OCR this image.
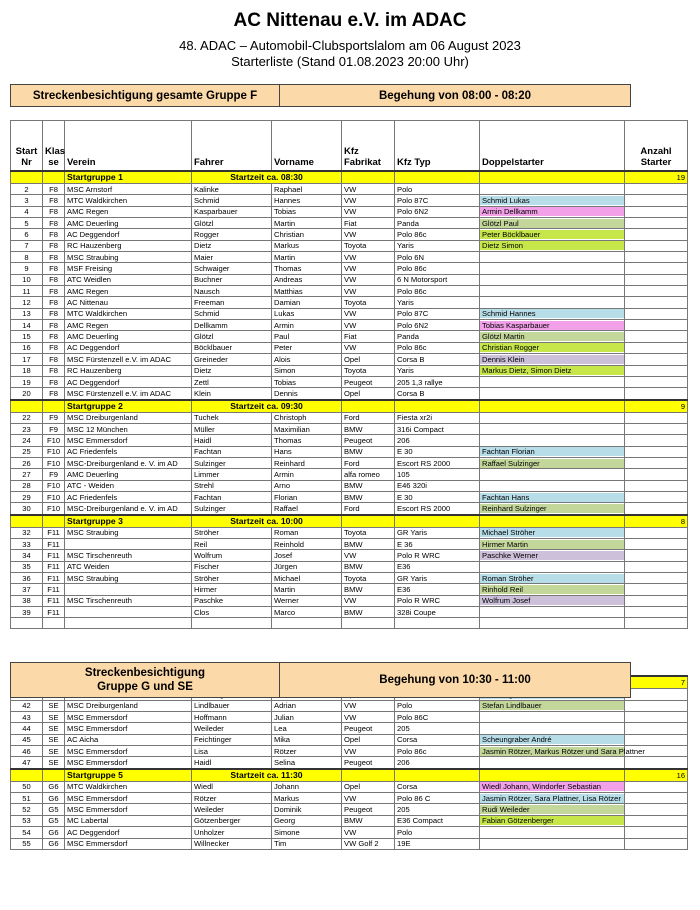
AC Nittenau e.V. im ADAC
48. ADAC – Automobil-Clubsportslalom am 06 August 2023
Starterliste (Stand 01.08.2023 20:00 Uhr)
Streckenbesichtigung gesamte Gruppe F	Begehung von 08:00 - 08:20
Start Nr	Klas se	Verein	Fahrer	Vorname	Kfz Fabrikat	Kfz Typ	Doppelstarter	Anzahl Starter
		Startgruppe 1	Startzeit ca. 08:30					19
2	F8	MSC Arnstorf	Kalinke	Raphael	VW	Polo		
3	F8	MTC Waldkirchen	Schmid	Hannes	VW	Polo 87C	Schmid Lukas	

4	F8	AMC Regen	Kasparbauer	Tobias	VW	Polo 6N2	Armin Dellkamm	

5	F8	AMC Deuerling	Glötzl	Martin	Fiat	Panda	Glötzl Paul	

6	F8	AC Deggendorf	Rogger	Christian	VW	Polo 86c	Peter Böcklbauer	

7	F8	RC Hauzenberg	Dietz	Markus	Toyota	Yaris	Dietz Simon	

8	F8	MSC Straubing	Maier	Martin	VW	Polo 6N		
9	F8	MSF Freising	Schwaiger	Thomas	VW	Polo 86c		
10	F8	ATC Weidlen	Buchner	Andreas	VW	6 N Motorsport		
11	F8	AMC Regen	Nausch	Matthias	VW	Polo 86c		
12	F8	AC Nittenau	Freeman	Damian	Toyota	Yaris		
13	F8	MTC Waldkirchen	Schmid	Lukas	VW	Polo 87C	Schmid Hannes	

14	F8	AMC Regen	Dellkamm	Armin	VW	Polo 6N2	Tobias Kasparbauer	

15	F8	AMC Deuerling	Glötzl	Paul	Fiat	Panda	Glötzl Martin	

16	F8	AC Deggendorf	Böcklbauer	Peter	VW	Polo 86c	Christian Rogger	

17	F8	MSC Fürstenzell e.V. im ADAC	Greineder	Alois	Opel	Corsa B	Dennis Klein	

18	F8	RC Hauzenberg	Dietz	Simon	Toyota	Yaris	Markus Dietz, Simon Dietz	

19	F8	AC Deggendorf	Zettl	Tobias	Peugeot	205 1,3 rallye		
20	F8	MSC Fürstenzell e.V. im ADAC	Klein	Dennis	Opel	Corsa B		
		Startgruppe 2	Startzeit ca. 09:30					9
22	F9	MSC Dreiburgenland	Tuchek	Christoph	Ford	Fiesta xr2i		
23	F9	MSC 12 München	Müller	Maximilian	BMW	316i Compact		
24	F10	MSC Emmersdorf	Haidl	Thomas	Peugeot	206		
25	F10	AC Friedenfels	Fachtan	Hans	BMW	E 30	Fachtan Florian	

26	F10	MSC-Dreiburgenland e. V. im AD	Sulzinger	Reinhard	Ford	Escort RS 2000	Raffael Sulzinger	

27	F9	AMC Deuerling	Limmer	Armin	alfa romeo	105		
28	F10	ATC - Weiden	Strehl	Arno	BMW	E46 320i		
29	F10	AC Friedenfels	Fachtan	Florian	BMW	E 30	Fachtan Hans	

30	F10	MSC-Dreiburgenland e. V. im AD	Sulzinger	Raffael	Ford	Escort RS 2000	Reinhard Sulzinger	

		Startgruppe 3	Startzeit ca. 10:00					8
32	F11	MSC Straubing	Ströher	Roman	Toyota	GR Yaris	Michael Ströher	

33	F11		Reil	Reinhold	BMW	E 36	Hirmer Martin	

34	F11	MSC Tirschenreuth	Wolfrum	Josef	VW	Polo R WRC	Paschke Werner	

35	F11	ATC Weiden	Fischer	Jürgen	BMW	E36		
36	F11	MSC Straubing	Ströher	Michael	Toyota	GR Yaris	Roman Ströher	

37	F11		Hirmer	Martin	BMW	E36	Rinhold Reil	

38	F11	MSC Tirschenreuth	Paschke	Werner	VW	Polo R WRC	Wolfrum Josef	

39	F11		Clos	Marco	BMW	328i Coupe		

							7

42	SE	MSC Dreiburgenland	Lindlbauer	Adrian	VW	Polo	Stefan Lindlbauer	

43	SE	MSC Emmersdorf	Hoffmann	Julian	VW	Polo 86C		
44	SE	MSC Emmersdorf	Weileder	Lea	Peugeot	205		
45	SE	AC Aicha	Feichtinger	Mika	Opel	Corsa	Scheungraber André	

46	SE	MSC Emmersdorf	Lisa	Rötzer	VW	Polo 86c	Jasmin Rötzer, Markus Rötzer und Sara Plattner	

47	SE	MSC Emmersdorf	Haidl	Selina	Peugeot	206		
		Startgruppe 5	Startzeit ca. 11:30					16
50	G6	MTC Waldkirchen	Wiedl	Johann	Opel	Corsa	Wiedl Johann, Windorfer Sebastian	

51	G6	MSC Emmersdorf	Rötzer	Markus	VW	Polo 86 C	Jasmin Rötzer, Sara Plattner, Lisa Rötzer	

52	G5	MSC Emmersdorf	Weileder	Dominik	Peugeot	205	Rudi Weileder	

53	G5	MC Labertal	Götzenberger	Georg	BMW	E36 Compact	Fabian Götzenberger	

54	G6	AC Deggendorf	Unholzer	Simone	VW	Polo		
55	G6	MSC Emmersdorf	Willnecker	Tim	VW Golf 2	19E		
Streckenbesichtigung
Gruppe G und SE
Begehung von 10:30 - 11:00
